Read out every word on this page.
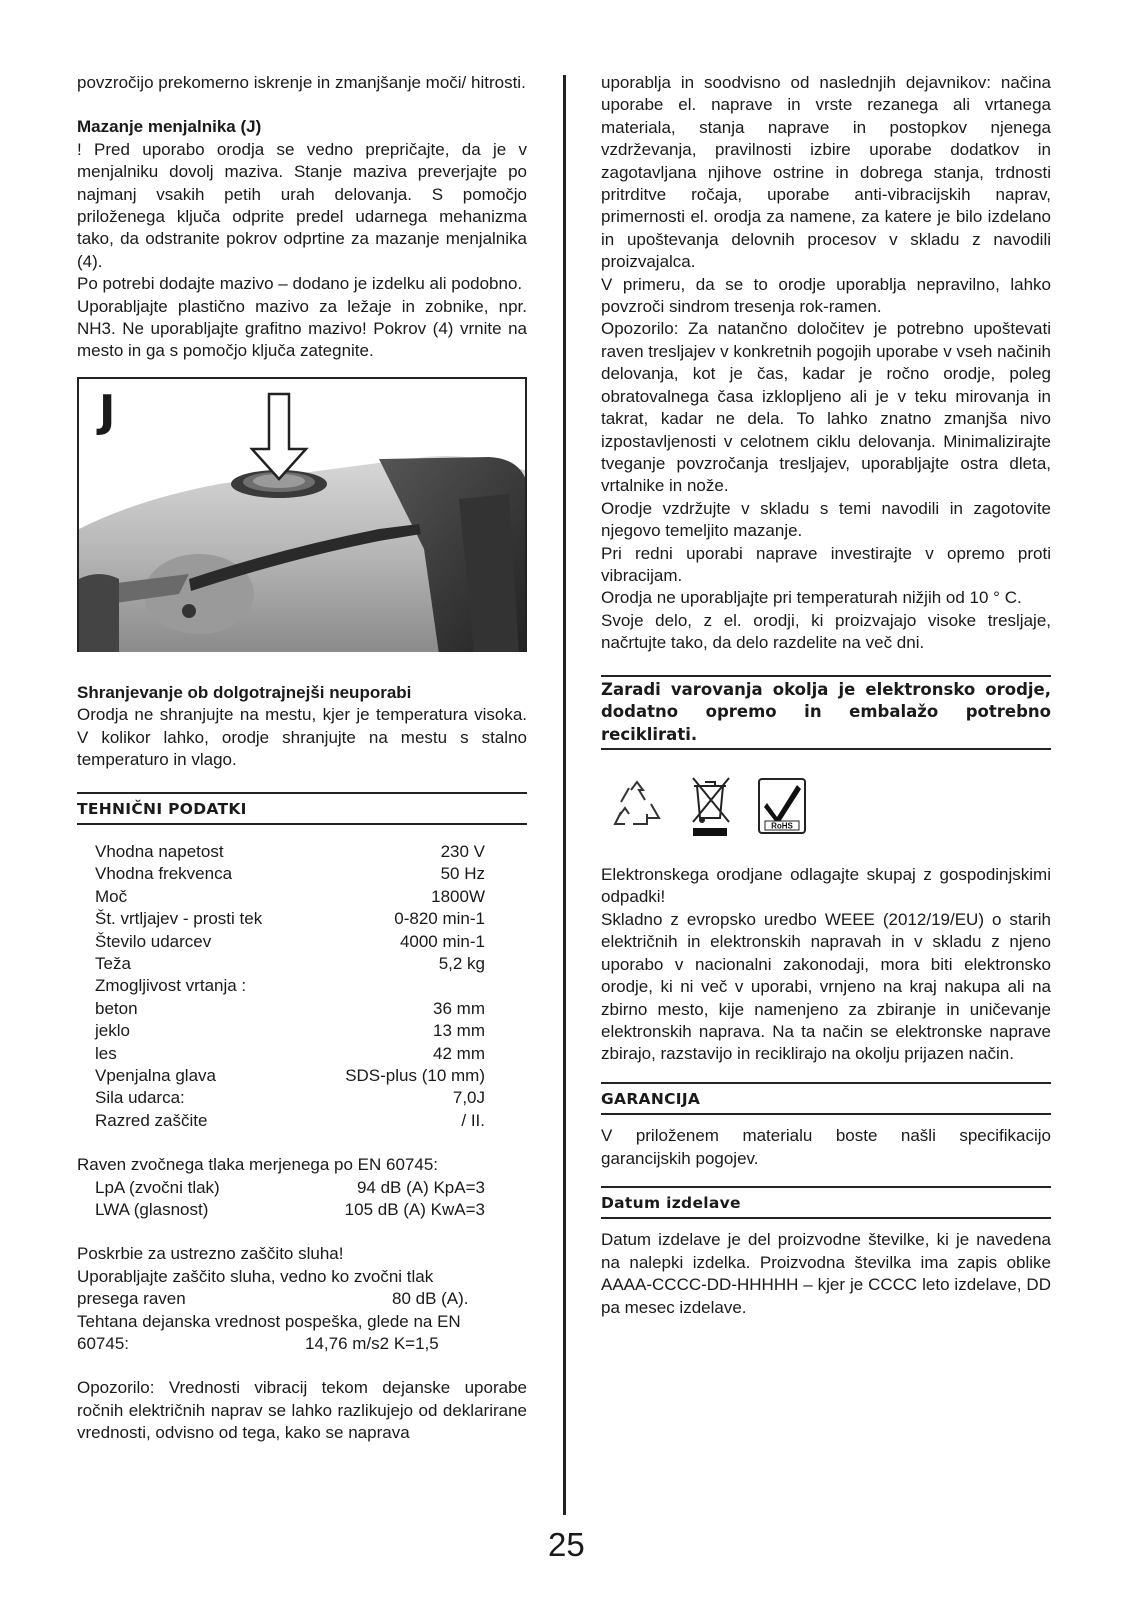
povzročijo prekomerno iskrenje in zmanjšanje moči/ hitrosti.

Mazanje menjalnika (J)

! Pred uporabo orodja se vedno prepričajte, da je v menjalniku dovolj maziva. Stanje maziva preverjajte po najmanj vsakih petih urah delovanja. S pomočjo priloženega ključa odprite predel udarnega mehanizma tako, da odstranite pokrov odprtine za mazanje menjalnika (4).

Po potrebi dodajte mazivo – dodano je izdelku ali podobno.

Uporabljajte plastično mazivo za ležaje in zobnike, npr. NH3. Ne uporabljajte grafitno mazivo! Pokrov (4) vrnite na mesto in ga s pomočjo ključa zategnite.

J

Shranjevanje ob dolgotrajnejši neuporabi

Orodja ne shranjujte na mestu, kjer je temperatura visoka. V kolikor lahko, orodje shranjujte na mestu s stalno temperaturo in vlago.

TEHNIČNI PODATKI
Vhodna napetost	230 V
Vhodna frekvenca	50 Hz
Moč	1800W
Št. vrtljajev - prosti tek	0-820 min-1
Število udarcev	4000 min-1
Teža	5,2 kg
Zmogljivost vrtanja :	
beton	36 mm
jeklo	13 mm
les	42 mm
Vpenjalna glava	SDS-plus (10 mm)
Sila udarca:	7,0J
Razred zaščite	/ II.

Raven zvočnega tlaka merjenega po EN 60745:

LpA (zvočni tlak)	94 dB (A) KpA=3
LWA (glasnost)	105 dB (A) KwA=3

Poskrbie za ustrezno zaščito sluha!

Uporabljajte zaščito sluha, vedno ko zvočni tlak

presega raven	80 dB (A).

Tehtana dejanska vrednost pospeška, glede na EN

60745:	14,76 m/s2 K=1,5

Opozorilo: Vrednosti vibracij tekom dejanske uporabe ročnih električnih naprav se lahko razlikujejo od deklarirane vrednosti, odvisno od tega, kako se naprava

uporablja in soodvisno od naslednjih dejavnikov: načina uporabe el. naprave in vrste rezanega ali vrtanega materiala, stanja naprave in postopkov njenega vzdrževanja, pravilnosti izbire uporabe dodatkov in zagotavljana njihove ostrine in dobrega stanja, trdnosti pritrditve ročaja, uporabe anti-vibracijskih naprav, primernosti el. orodja za namene, za katere je bilo izdelano in upoštevanja delovnih procesov v skladu z navodili proizvajalca.

V primeru, da se to orodje uporablja nepravilno, lahko povzroči sindrom tresenja rok-ramen.

Opozorilo: Za natančno določitev je potrebno upoštevati raven tresljajev v konkretnih pogojih uporabe v vseh načinih delovanja, kot je čas, kadar je ročno orodje, poleg obratovalnega časa izklopljeno ali je v teku mirovanja in takrat, kadar ne dela. To lahko znatno zmanjša nivo izpostavljenosti v celotnem ciklu delovanja. Minimalizirajte tveganje povzročanja tresljajev, uporabljajte ostra dleta, vrtalnike in nože.

Orodje vzdržujte v skladu s temi navodili in zagotovite njegovo temeljito mazanje.

Pri redni uporabi naprave investirajte v opremo proti vibracijam.

Orodja ne uporabljajte pri temperaturah nižjih od 10 ° C.

Svoje delo, z el. orodji, ki proizvajajo visoke tresljaje, načrtujte tako, da delo razdelite na več dni.

Zaradi varovanja okolja je elektronsko orodje, dodatno opremo in embalažo potrebno reciklirati.
RoHS

Elektronskega orodjane odlagajte skupaj z gospodinjskimi odpadki!

Skladno z evropsko uredbo WEEE (2012/19/EU) o starih električnih in elektronskih napravah in v skladu z njeno uporabo v nacionalni zakonodaji, mora biti elektronsko orodje, ki ni več v uporabi, vrnjeno na kraj nakupa ali na zbirno mesto, kije namenjeno za zbiranje in uničevanje elektronskih naprava. Na ta način se elektronske naprave zbirajo, razstavijo in reciklirajo na okolju prijazen način.

GARANCIJA

V priloženem materialu boste našli specifikacijo garancijskih pogojev.

Datum izdelave

Datum izdelave je del proizvodne številke, ki je navedena na nalepki izdelka. Proizvodna številka ima zapis oblike AAAA-CCCC-DD-HHHHH – kjer je CCCC leto izdelave, DD pa mesec izdelave.

25
